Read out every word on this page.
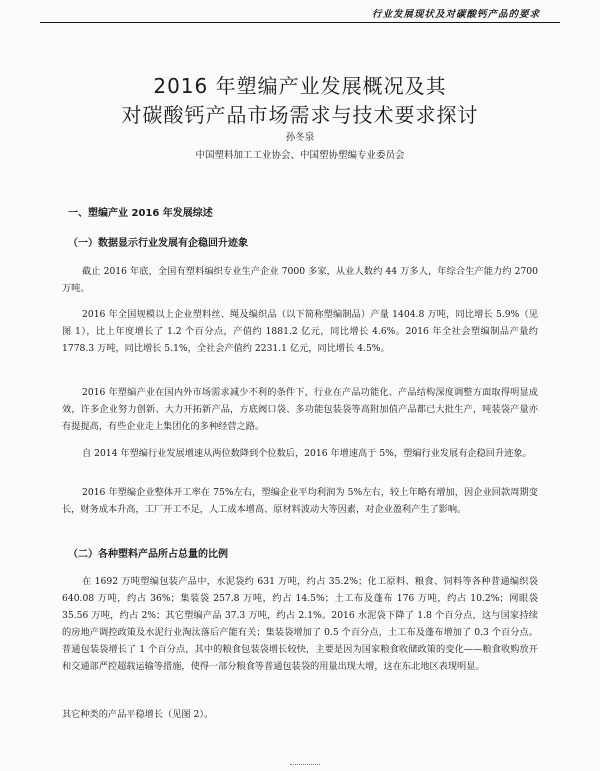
行业发展现状及对碳酸钙产品的要求
2016 年塑编产业发展概况及其
对碳酸钙产品市场需求与技术要求探讨
孙冬泉
中国塑料加工工业协会、中国塑协塑编专业委员会
一、塑编产业 2016 年发展综述
（一）数据显示行业发展有企稳回升迹象

截止 2016 年底，全国有塑料编织专业生产企业 7000 多家，从业人数约 44 万多人，年综合生产能力约 2700 万吨。

2016 年全国规模以上企业塑料丝、绳及编织品（以下简称塑编制品）产量 1404.8 万吨，同比增长 5.9%（见图 1），比上年度增长了 1.2 个百分点，产值约 1881.2 亿元，同比增长 4.6%。2016 年全社会塑编制品产量约 1778.3 万吨，同比增长 5.1%，全社会产值约 2231.1 亿元，同比增长 4.5%。

2016 年塑编产业在国内外市场需求减少不利的条件下，行业在产品功能化、产品结构深度调整方面取得明显成效，许多企业努力创新、大力开拓新产品，方底阀口袋、多功能包装袋等高附加值产品都已大批生产，吨装袋产量亦有提提高，有些企业走上集团化的多种经营之路。

自 2014 年塑编行业发展增速从两位数降到个位数后，2016 年增速高于 5%，塑编行业发展有企稳回升迹象。

2016 年塑编企业整体开工率在 75%左右，塑编企业平均利润为 5%左右，较上年略有增加，因企业回款周期变长，财务成本升高，工厂开工不足，人工成本增高、原材料波动大等因素，对企业盈利产生了影响。

（二）各种塑料产品所占总量的比例

在 1692 万吨塑编包装产品中，水泥袋约 631 万吨，约占 35.2%；化工原料、粮食、饲料等各种普通编织袋 640.08 万吨，约占 36%；集装袋 257.8 万吨，约占 14.5%；土工布及蓬布 176 万吨，约占 10.2%；网眼袋 35.56 万吨，约占 2%；其它塑编产品 37.3 万吨，约占 2.1%。2016 水泥袋下降了 1.8 个百分点，这与国家持续的房地产调控政策及水泥行业淘汰落后产能有关；集装袋增加了 0.5 个百分点，土工布及蓬布增加了 0.3 个百分点。普通包装袋增长了 1 个百分点，其中的粮食包装袋增长较快，主要是因为国家粮食收储政策的变化——粮食收购放开和交通部严控超载运输等措施，使得一部分粮食等普通包装袋的用量出现大增，这在东北地区表现明显。

其它种类的产品平稳增长（见图 2）。
